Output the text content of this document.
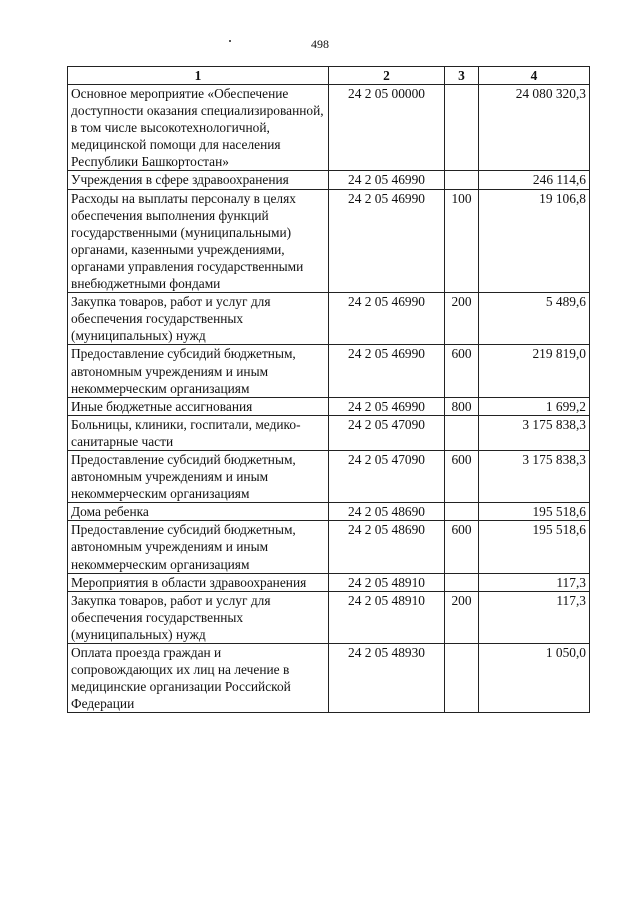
498
1	2	3	4
Основное мероприятие «Обеспечение доступности оказания специализированной, в том числе высокотехнологичной, медицинской помощи для населения Республики Башкортостан»	24 2 05 00000		24 080 320,3
Учреждения в сфере здравоохранения	24 2 05 46990		246 114,6
Расходы на выплаты персоналу в целях обеспечения выполнения функций государственными (муниципальными) органами, казенными учреждениями, органами управления государственными внебюджетными фондами	24 2 05 46990	100	19 106,8
Закупка товаров, работ и услуг для обеспечения государственных (муниципальных) нужд	24 2 05 46990	200	5 489,6
Предоставление субсидий бюджетным, автономным учреждениям и иным некоммерческим организациям	24 2 05 46990	600	219 819,0
Иные бюджетные ассигнования	24 2 05 46990	800	1 699,2
Больницы, клиники, госпитали, медико-санитарные части	24 2 05 47090		3 175 838,3
Предоставление субсидий бюджетным, автономным учреждениям и иным некоммерческим организациям	24 2 05 47090	600	3 175 838,3
Дома ребенка	24 2 05 48690		195 518,6
Предоставление субсидий бюджетным, автономным учреждениям и иным некоммерческим организациям	24 2 05 48690	600	195 518,6
Мероприятия в области здравоохранения	24 2 05 48910		117,3
Закупка товаров, работ и услуг для обеспечения государственных (муниципальных) нужд	24 2 05 48910	200	117,3
Оплата проезда граждан и сопровождающих их лиц на лечение в медицинские организации Российской Федерации	24 2 05 48930		1 050,0
